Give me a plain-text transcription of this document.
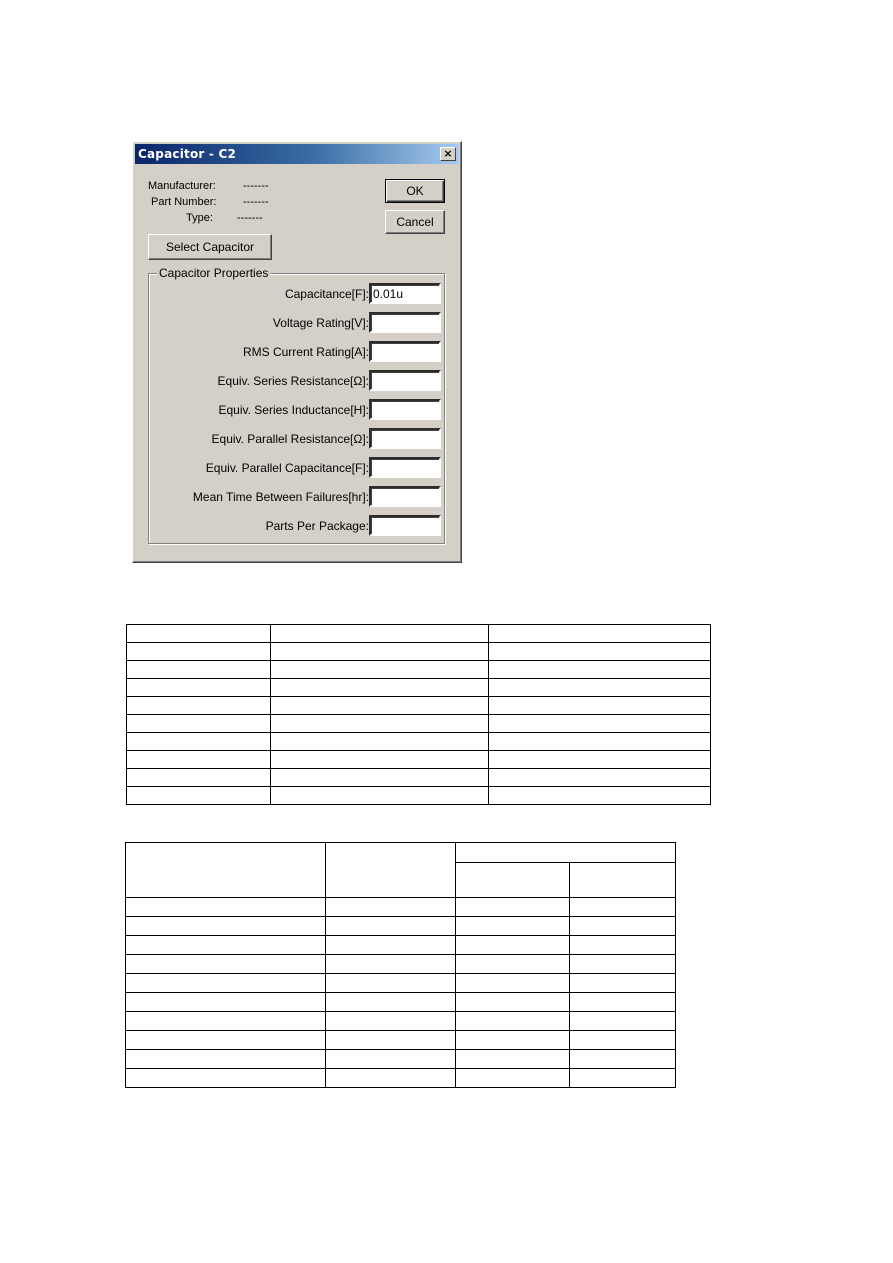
Capacitor - C2	×
Manufacturer: -------
Part Number: -------
Type: -------
OK
Cancel
Select Capacitor
Capacitor Properties
Capacitance[F]:
0.01u
Voltage Rating[V]:
RMS Current Rating[A]:
Equiv. Series Resistance[Ω]:
Equiv. Series Inductance[H]:
Equiv. Parallel Resistance[Ω]:
Equiv. Parallel Capacitance[F]:
Mean Time Between Failures[hr]:
Parts Per Package:
